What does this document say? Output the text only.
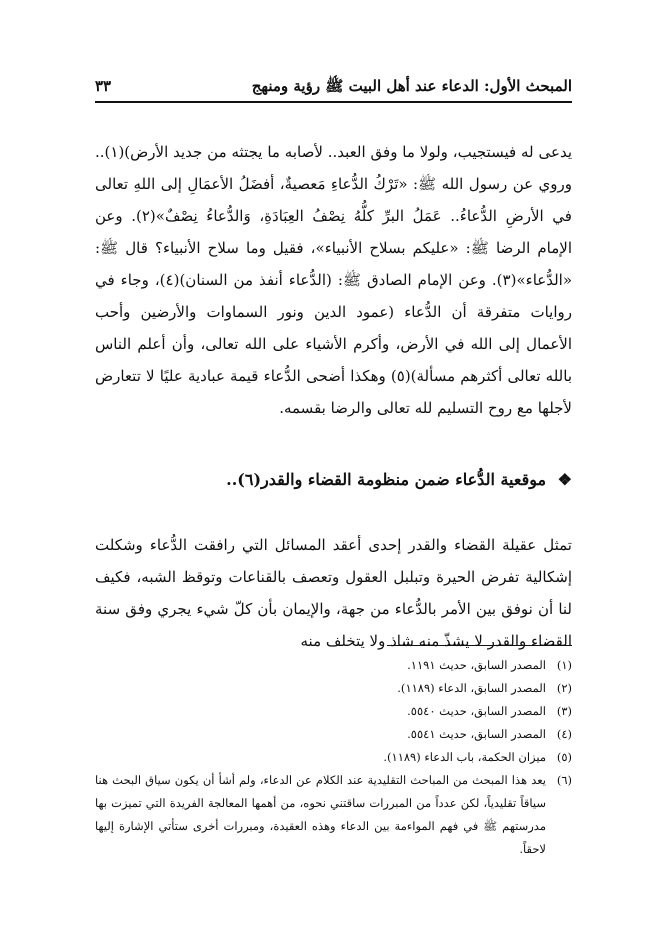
المبحث الأول: الدعاء عند أهل البيت ﷺ رؤية ومنهج
٣٣

يدعى له فيستجيب، ولولا ما وفق العبد.. لأصابه ما يجتثه من جديد الأرض)(١).. وروي عن رسول الله ﷺ: «تَرْكُ الدُّعاءِ مَعصيةٌ، أفضَلُ الأعمَالِ إلى اللهِ تعالى في الأرضِ الدُّعاءُ.. عَمَلُ البرِّ كلُّهُ نِصْفُ العِبَادَةِ، وَالدُّعاءُ نِصْفٌ»(٢). وعن الإمام الرضا ﷺ: «عليكم بسلاح الأنبياء»، فقيل وما سلاح الأنبياء؟ قال ﷺ: «الدُّعاء»(٣). وعن الإمام الصادق ﷺ: (الدُّعاء أنفذ من السنان)(٤)، وجاء في روايات متفرقة أن الدُّعاء (عمود الدين ونور السماوات والأرضين وأحب الأعمال إلى الله في الأرض، وأكرم الأشياء على الله تعالى، وأن أعلم الناس بالله تعالى أكثرهم مسألة)(٥) وهكذا أضحى الدُّعاء قيمة عبادية عليًا لا تتعارض لأجلها مع روح التسليم لله تعالى والرضا بقسمه.

❖ موقعية الدُّعاء ضمن منظومة القضاء والقدر(٦)..

تمثل عقيلة القضاء والقدر إحدى أعقد المسائل التي رافقت الدُّعاء وشكلت إشكالية تفرض الحيرة وتبلبل العقول وتعصف بالقناعات وتوقظ الشبه، فكيف لنا أن نوفق بين الأمر بالدُّعاء من جهة، والإيمان بأن كلّ شيء يجري وفق سنة القضاء والقدر لا يشذّ منه شاذ ولا يتخلف منه

(١)
المصدر السابق، حديث ١١٩١.
(٢)
المصدر السابق، الدعاء (١١٨٩).
(٣)
المصدر السابق، حديث ٥٥٤٠.
(٤)
المصدر السابق، حديث ٥٥٤١.
(٥)
ميزان الحكمة، باب الدعاء (١١٨٩).
(٦)
يعد هذا المبحث من المباحث التقليدية عند الكلام عن الدعاء، ولم أشأ أن يكون سياق البحث هنا سياقاً تقليدياً، لكن عدداً من المبررات ساقتني نحوه، من أهمها المعالجة الفريدة التي تميزت بها مدرستهم ﷺ في فهم المواءمة بين الدعاء وهذه العقيدة، ومبررات أخرى ستأتي الإشارة إليها لاحقاً.
